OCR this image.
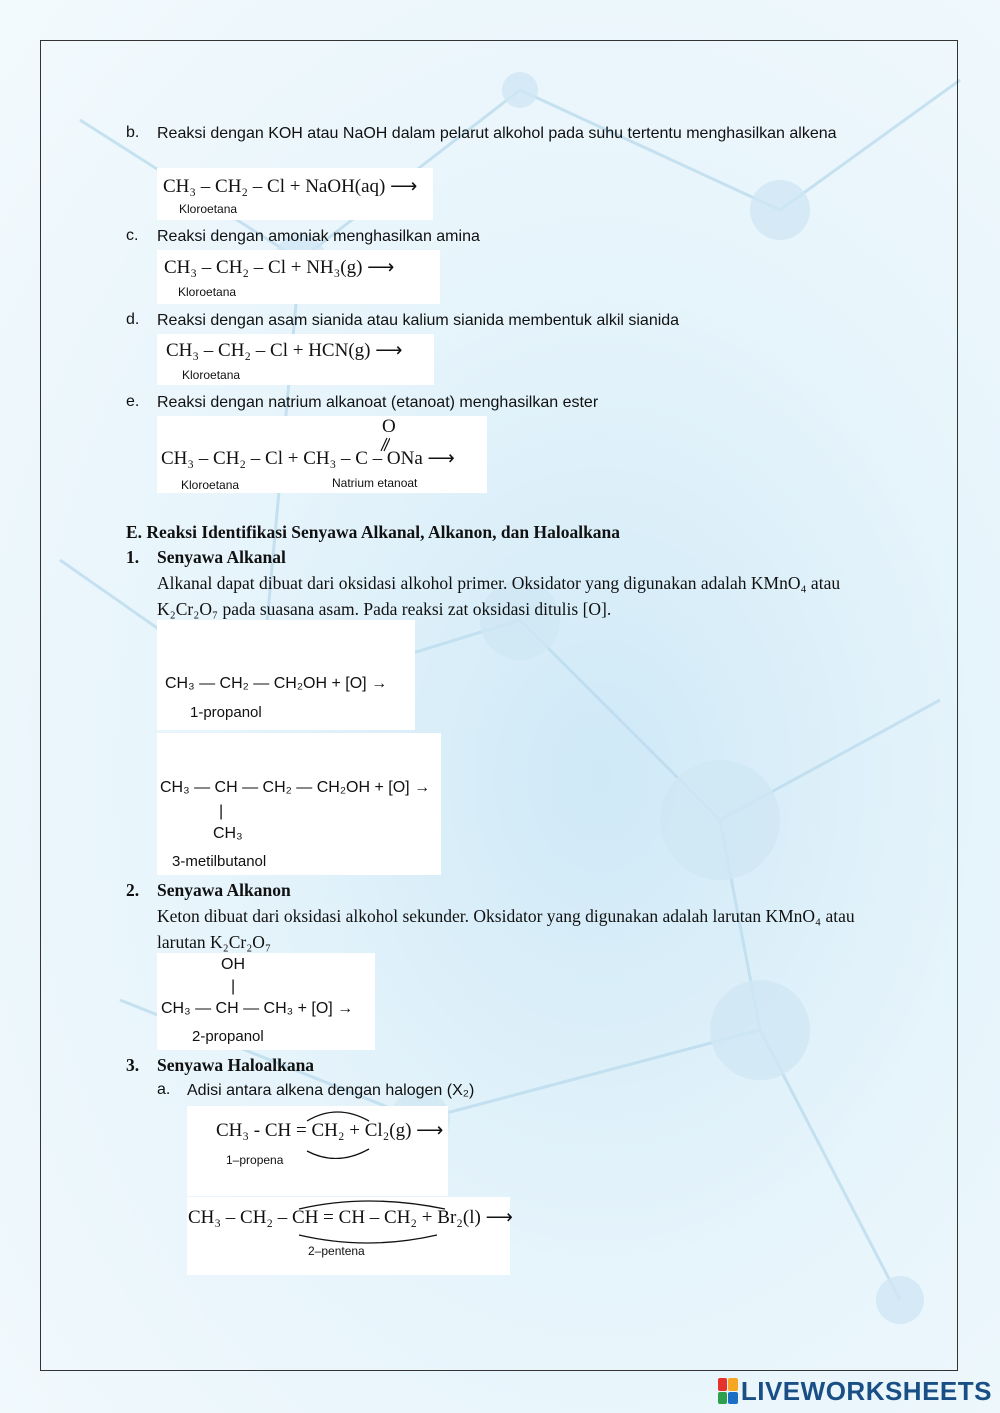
b. Reaksi dengan KOH atau NaOH dalam pelarut alkohol pada suhu tertentu menghasilkan alkena
CH₃ – CH₂ – Cl + NaOH(aq) ⟶
Kloroetana
c. Reaksi dengan amoniak menghasilkan amina
CH₃ – CH₂ – Cl + NH₃(g) ⟶
Kloroetana
d. Reaksi dengan asam sianida atau kalium sianida membentuk alkil sianida
CH₃ – CH₂ – Cl + HCN(g) ⟶
Kloroetana
e. Reaksi dengan natrium alkanoat (etanoat) menghasilkan ester
O
CH₃ – CH₂ – Cl + CH₃ – C – ONa ⟶
Kloroetana	Natrium etanoat
E. Reaksi Identifikasi Senyawa Alkanal, Alkanon, dan Haloalkana
1. Senyawa Alkanal
Alkanal dapat dibuat dari oksidasi alkohol primer. Oksidator yang digunakan adalah KMnO₄ atau K₂Cr₂O₇ pada suasana asam. Pada reaksi zat oksidasi ditulis [O].
CH₃ — CH₂ — CH₂OH + [O] →
1-propanol
CH₃ — CH — CH₂ — CH₂OH + [O] →
|
CH₃
3-metilbutanol
2. Senyawa Alkanon
Keton dibuat dari oksidasi alkohol sekunder. Oksidator yang digunakan adalah larutan KMnO₄ atau larutan K₂Cr₂O₇
OH
|
CH₃ — CH — CH₃ + [O] →
2-propanol
3. Senyawa Haloalkana
a. Adisi antara alkena dengan halogen (X₂)
CH₃ - CH = CH₂ + Cl₂(g) ⟶
1–propena
CH₃ – CH₂ – CH = CH – CH₂ + Br₂(l) ⟶
2–pentena
LIVEWORKSHEETS
